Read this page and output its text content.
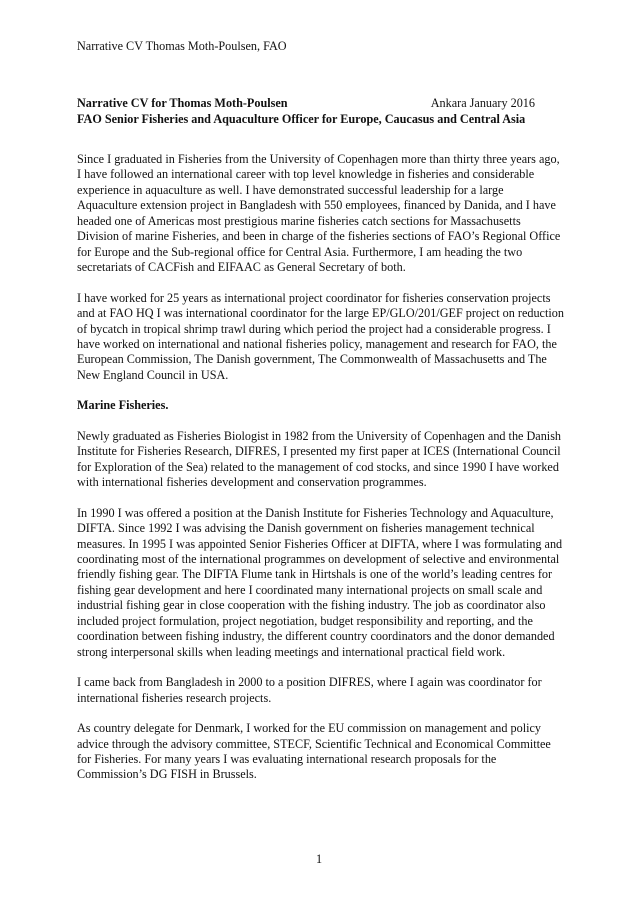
Narrative CV Thomas Moth-Poulsen, FAO
Narrative CV for Thomas Moth-Poulsen	Ankara January 2016
FAO Senior Fisheries and Aquaculture Officer for Europe, Caucasus and Central Asia

Since I graduated in Fisheries from the University of Copenhagen more than thirty three years ago, I have followed an international career with top level knowledge in fisheries and considerable experience in aquaculture as well. I have demonstrated successful leadership for a large Aquaculture extension project in Bangladesh with 550 employees, financed by Danida, and I have headed one of Americas most prestigious marine fisheries catch sections for Massachusetts Division of marine Fisheries, and been in charge of the fisheries sections of FAO’s Regional Office for Europe and the Sub-regional office for Central Asia. Furthermore, I am heading the two secretariats of CACFish and EIFAAC as General Secretary of both.

I have worked for 25 years as international project coordinator for fisheries conservation projects and at FAO HQ I was international coordinator for the large EP/GLO/201/GEF project on reduction of bycatch in tropical shrimp trawl during which period the project had a considerable progress. I have worked on international and national fisheries policy, management and research for FAO, the European Commission, The Danish government, The Commonwealth of Massachusetts and The New England Council in USA.

Marine Fisheries.

Newly graduated as Fisheries Biologist in 1982 from the University of Copenhagen and the Danish Institute for Fisheries Research, DIFRES, I presented my first paper at ICES (International Council for Exploration of the Sea) related to the management of cod stocks, and since 1990 I have worked with international fisheries development and conservation programmes.

In 1990 I was offered a position at the Danish Institute for Fisheries Technology and Aquaculture, DIFTA. Since 1992 I was advising the Danish government on fisheries management technical measures. In 1995 I was appointed Senior Fisheries Officer at DIFTA, where I was formulating and coordinating most of the international programmes on development of selective and environmental friendly fishing gear. The DIFTA Flume tank in Hirtshals is one of the world’s leading centres for fishing gear development and here I coordinated many international projects on small scale and industrial fishing gear in close cooperation with the fishing industry. The job as coordinator also included project formulation, project negotiation, budget responsibility and reporting, and the coordination between fishing industry, the different country coordinators and the donor demanded strong interpersonal skills when leading meetings and international practical field work.

I came back from Bangladesh in 2000 to a position DIFRES, where I again was coordinator for international fisheries research projects.

As country delegate for Denmark, I worked for the EU commission on management and policy advice through the advisory committee, STECF, Scientific Technical and Economical Committee for Fisheries. For many years I was evaluating international research proposals for the Commission’s DG FISH in Brussels.

1
